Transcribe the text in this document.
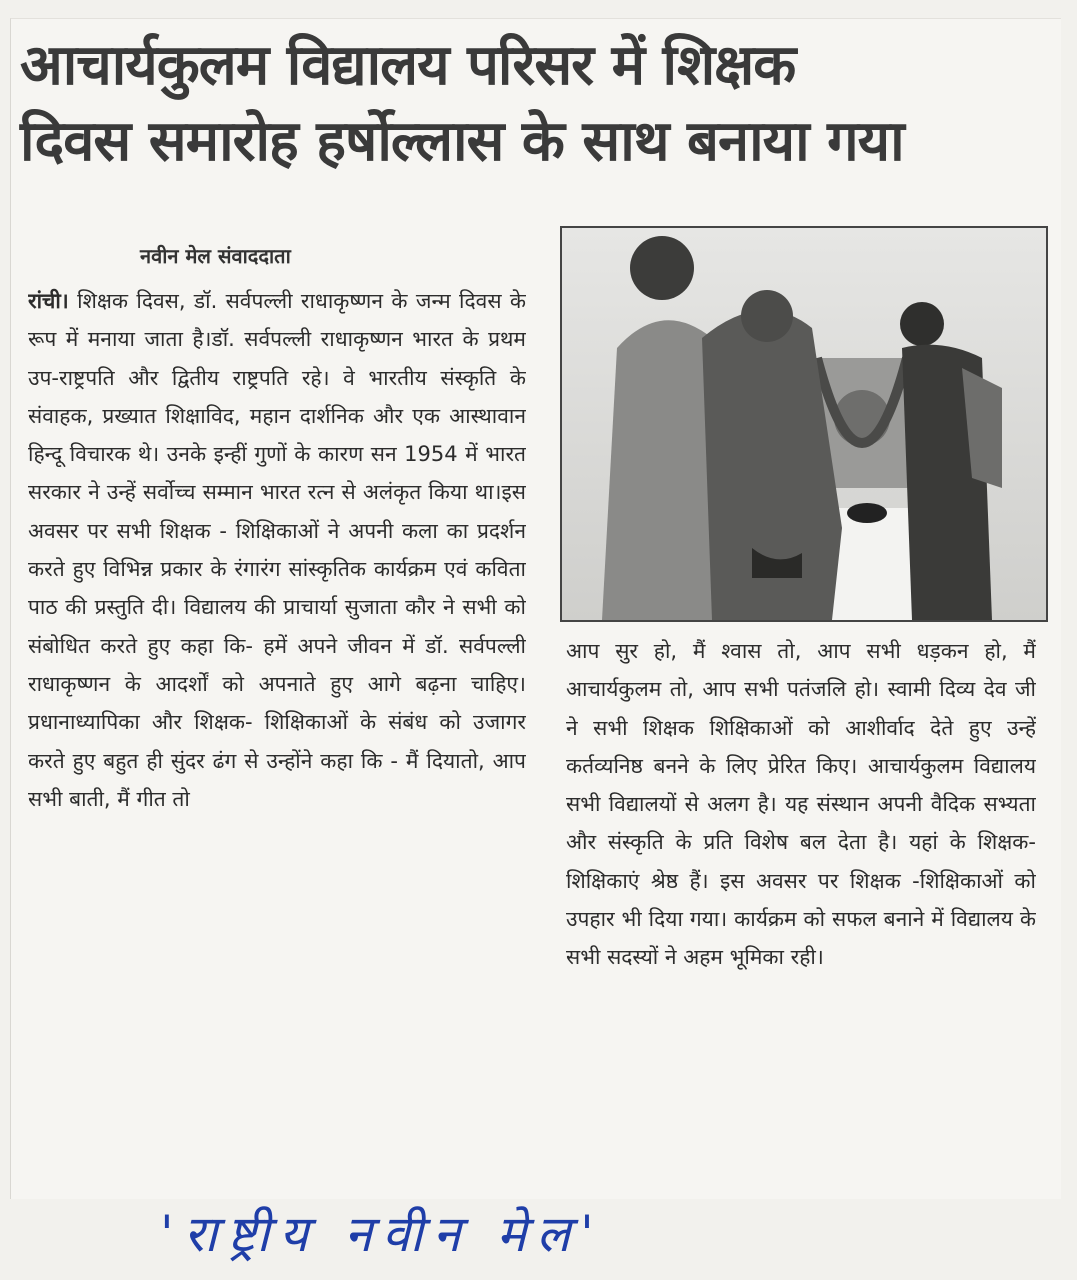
आचार्यकुलम विद्यालय परिसर में शिक्षक
दिवस समारोह हर्षोल्लास के साथ बनाया गया
नवीन मेल संवाददाता
रांची। शिक्षक दिवस, डॉ. सर्वपल्ली राधाकृष्णन के जन्म दिवस के रूप में मनाया जाता है।डॉ. सर्वपल्ली राधाकृष्णन भारत के प्रथम उप-राष्ट्रपति और द्वितीय राष्ट्रपति रहे। वे भारतीय संस्कृति के संवाहक, प्रख्यात शिक्षाविद, महान दार्शनिक और एक आस्थावान हिन्दू विचारक थे। उनके इन्हीं गुणों के कारण सन 1954 में भारत सरकार ने उन्हें सर्वोच्च सम्मान भारत रत्न से अलंकृत किया था।इस अवसर पर सभी शिक्षक - शिक्षिकाओं ने अपनी कला का प्रदर्शन करते हुए विभिन्न प्रकार के रंगारंग सांस्कृतिक कार्यक्रम एवं कविता पाठ की प्रस्तुति दी। विद्यालय की प्राचार्या सुजाता कौर ने सभी को संबोधित करते हुए कहा कि- हमें अपने जीवन में डॉ. सर्वपल्ली राधाकृष्णन के आदर्शों को अपनाते हुए आगे बढ़ना चाहिए। प्रधानाध्यापिका और शिक्षक- शिक्षिकाओं के संबंध को उजागर करते हुए बहुत ही सुंदर ढंग से उन्होंने कहा कि - मैं दियातो, आप सभी बाती, मैं गीत तो
आप सुर हो, मैं श्वास तो, आप सभी धड़कन हो, मैं आचार्यकुलम तो, आप सभी पतंजलि हो। स्वामी दिव्य देव जी ने सभी शिक्षक शिक्षिकाओं को आशीर्वाद देते हुए उन्हें कर्तव्यनिष्ठ बनने के लिए प्रेरित किए। आचार्यकुलम विद्यालय सभी विद्यालयों से अलग है। यह संस्थान अपनी वैदिक सभ्यता और संस्कृति के प्रति विशेष बल देता है। यहां के शिक्षक-शिक्षिकाएं श्रेष्ठ हैं। इस अवसर पर शिक्षक -शिक्षिकाओं को उपहार भी दिया गया। कार्यक्रम को सफल बनाने में विद्यालय के सभी सदस्यों ने अहम भूमिका रही।
'राष्ट्रीय नवीन मेल'
